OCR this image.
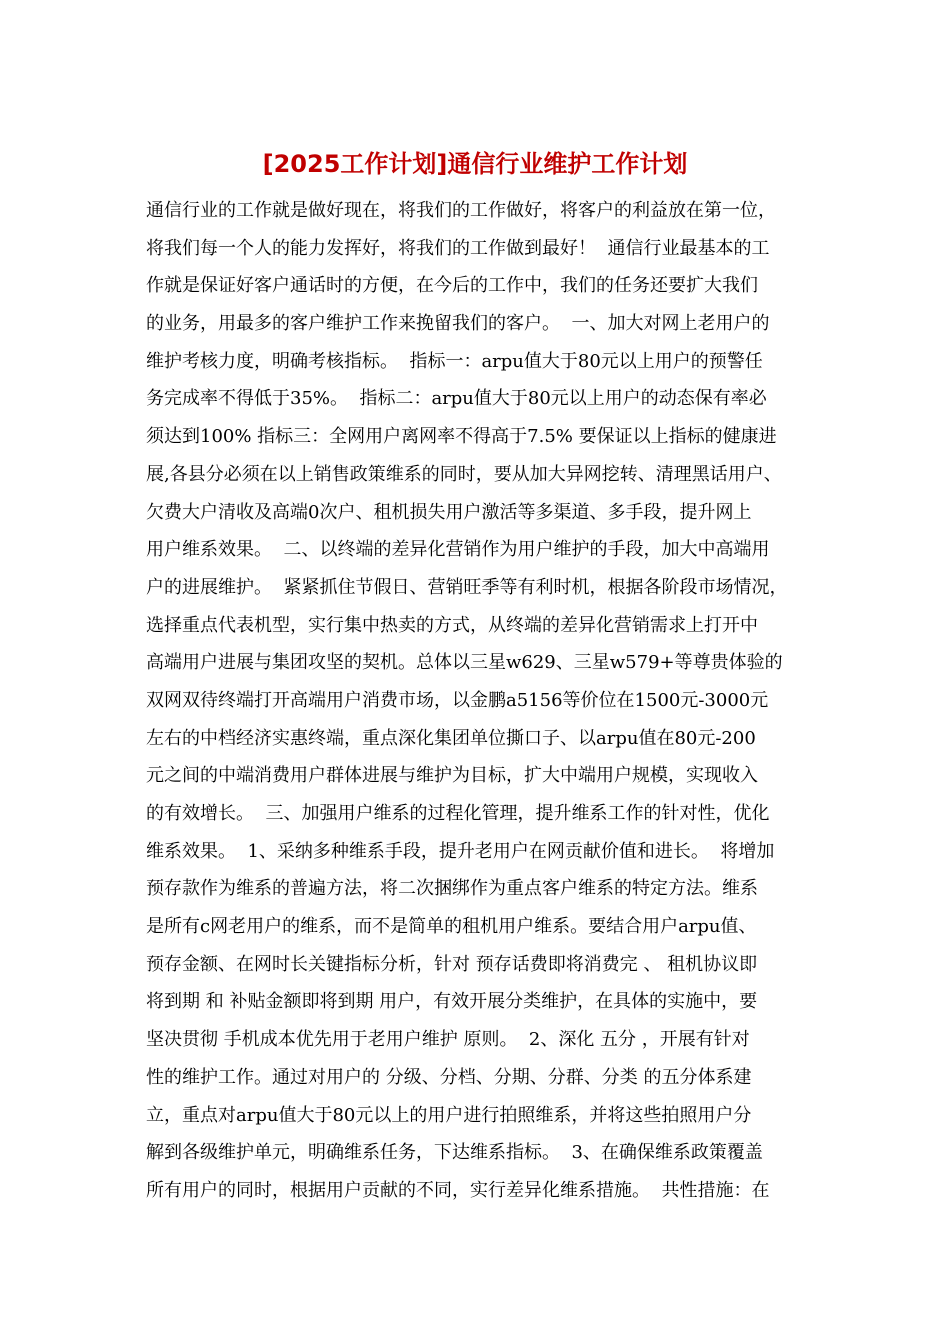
[2025工作计划]通信行业维护工作计划
通信行业的工作就是做好现在，将我们的工作做好，将客户的利益放在第一位，
将我们每一个人的能力发挥好，将我们的工作做到最好！  通信行业最基本的工
作就是保证好客户通话时的方便，在今后的工作中，我们的任务还要扩大我们
的业务，用最多的客户维护工作来挽留我们的客户。  一、加大对网上老用户的
维护考核力度，明确考核指标。  指标一：arpu值大于80元以上用户的预警任
务完成率不得低于35%。  指标二：arpu值大于80元以上用户的动态保有率必
须达到100% 指标三：全网用户离网率不得高于7.5% 要保证以上指标的健康进
展,各县分必须在以上销售政策维系的同时，要从加大异网挖转、清理黑话用户、
欠费大户清收及高端0次户、租机损失用户激活等多渠道、多手段，提升网上
用户维系效果。  二、以终端的差异化营销作为用户维护的手段，加大中高端用
户的进展维护。  紧紧抓住节假日、营销旺季等有利时机，根据各阶段市场情况，
选择重点代表机型，实行集中热卖的方式，从终端的差异化营销需求上打开中
高端用户进展与集团攻坚的契机。总体以三星w629、三星w579+等尊贵体验的
双网双待终端打开高端用户消费市场，以金鹏a5156等价位在1500元-3000元
左右的中档经济实惠终端，重点深化集团单位撕口子、以arpu值在80元-200
元之间的中端消费用户群体进展与维护为目标，扩大中端用户规模，实现收入
的有效增长。  三、加强用户维系的过程化管理，提升维系工作的针对性，优化
维系效果。  1、采纳多种维系手段，提升老用户在网贡献价值和进长。  将增加
预存款作为维系的普遍方法，将二次捆绑作为重点客户维系的特定方法。维系
是所有c网老用户的维系，而不是简单的租机用户维系。要结合用户arpu值、
预存金额、在网时长关键指标分析，针对 预存话费即将消费完 、 租机协议即
将到期 和 补贴金额即将到期 用户，有效开展分类维护，在具体的实施中，要
坚决贯彻 手机成本优先用于老用户维护 原则。  2、深化 五分 ，开展有针对
性的维护工作。通过对用户的 分级、分档、分期、分群、分类 的五分体系建
立，重点对arpu值大于80元以上的用户进行拍照维系，并将这些拍照用户分
解到各级维护单元，明确维系任务，下达维系指标。  3、在确保维系政策覆盖
所有用户的同时，根据用户贡献的不同，实行差异化维系措施。  共性措施：在
